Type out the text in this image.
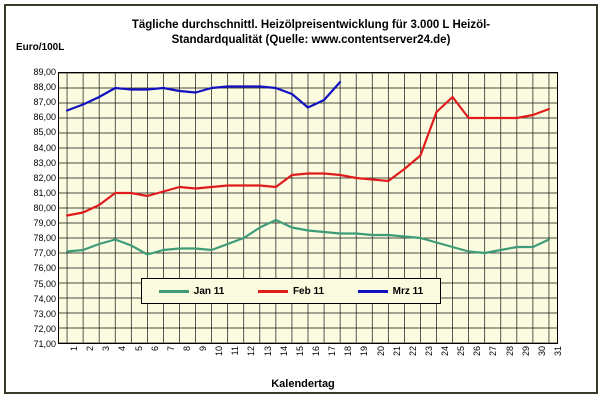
Tägliche durchschnittl. Heizölpreisentwicklung für 3.000 L Heizöl-
Standardqualität (Quelle: www.contentserver24.de)
Euro/100L
89,00
88,00
87,00
86,00
85,00
84,00
83,00
82,00
81,00
80,00
79,00
78,00
77,00
76,00
75,00
74,00
73,00
72,00
71,00
Jan 11	Feb 11	Mrz 11
1 2 3 4 5 6 7 8 9 10 11 12 13 14 15 16 17 18 19 20 21 22 23 24 25 26 27 28 29 30 31
Kalendertag
